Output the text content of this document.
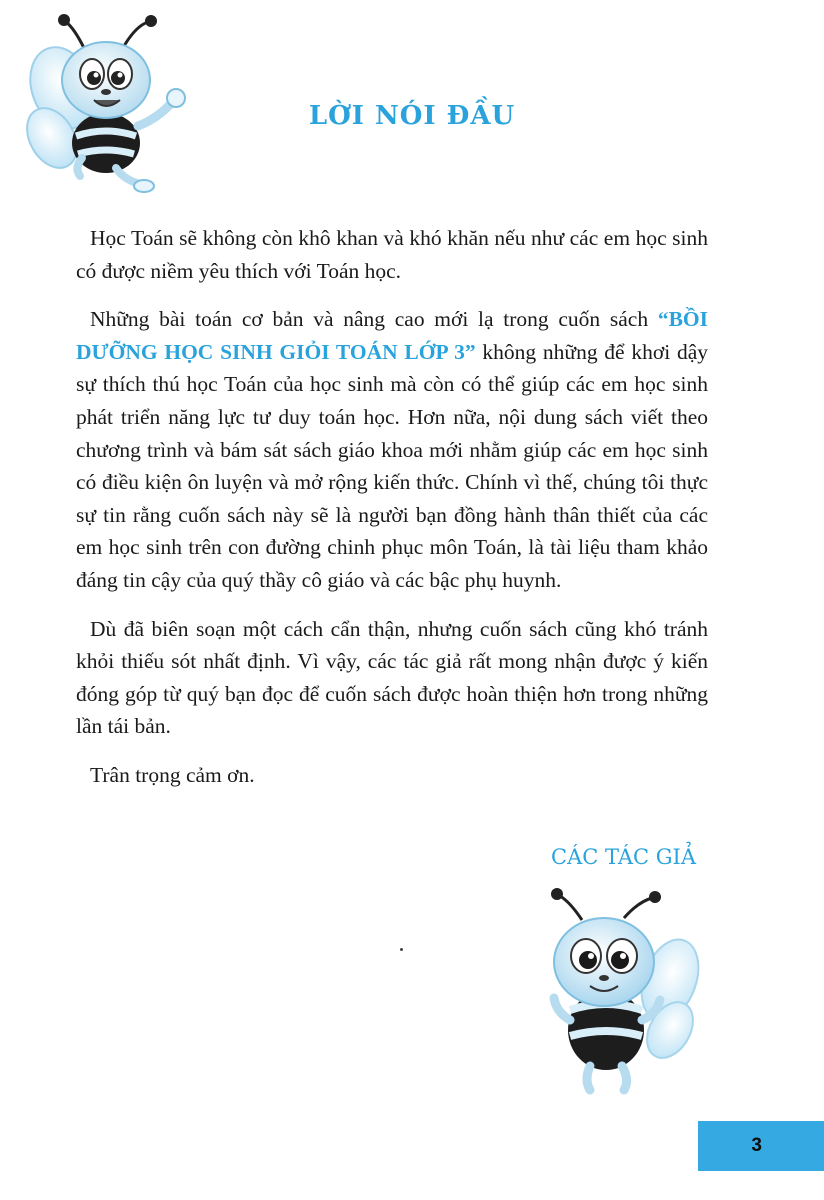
LỜI NÓI ĐẦU

Học Toán sẽ không còn khô khan và khó khăn nếu như các em học sinh có được niềm yêu thích với Toán học.

Những bài toán cơ bản và nâng cao mới lạ trong cuốn sách “BỒI DƯỠNG HỌC SINH GIỎI TOÁN LỚP 3” không những để khơi dậy sự thích thú học Toán của học sinh mà còn có thể giúp các em học sinh phát triển năng lực tư duy toán học. Hơn nữa, nội dung sách viết theo chương trình và bám sát sách giáo khoa mới nhằm giúp các em học sinh có điều kiện ôn luyện và mở rộng kiến thức. Chính vì thế, chúng tôi thực sự tin rằng cuốn sách này sẽ là người bạn đồng hành thân thiết của các em học sinh trên con đường chinh phục môn Toán, là tài liệu tham khảo đáng tin cậy của quý thầy cô giáo và các bậc phụ huynh.

Dù đã biên soạn một cách cẩn thận, nhưng cuốn sách cũng khó tránh khỏi thiếu sót nhất định. Vì vậy, các tác giả rất mong nhận được ý kiến đóng góp từ quý bạn đọc để cuốn sách được hoàn thiện hơn trong những lần tái bản.

Trân trọng cảm ơn.

CÁC TÁC GIẢ
3
